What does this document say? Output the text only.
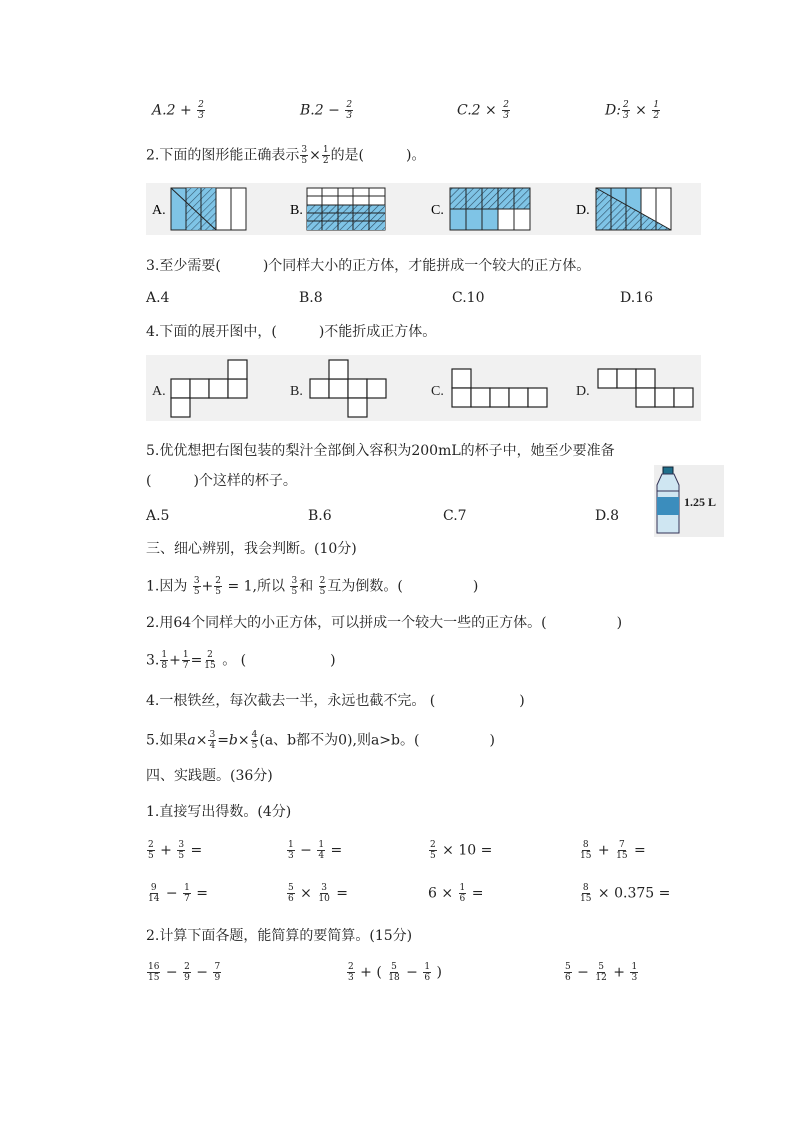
$A.2 + \frac{2}{3}$	$B.2 - \frac{2}{3}$	$C.2 \times \frac{2}{3}$	D: $\frac{2}{3} \times \frac{1}{2}$
2.下面的图形能正确表示 $\frac{3}{5} \times \frac{1}{2}$ 的是(　　　)。
A.	B.	C.	D.
3.至少需要(　　　)个同样大小的正方体，才能拼成一个较大的正方体。
A.4	B.8	C.10	D.16
4.下面的展开图中，(　　　)不能折成正方体。
A.	B.	C.	D.
5.优优想把右图包装的梨汁全部倒入容积为200mL的杯子中，她至少要准备
(　　　)个这样的杯子。
A.5	B.6	C.7	D.8
1.25 L
三、细心辨别，我会判断。(10分)
1.因为 $\frac{3}{5} + \frac{2}{5} = 1$,所以 $\frac{3}{5}$ 和 $\frac{2}{5}$ 互为倒数。(　　　　　)
2.用64个同样大的小正方体，可以拼成一个较大一些的正方体。(　　　　　)
3. $\frac{1}{8} + \frac{1}{7} = \frac{2}{15}$ 。 (　　　　　　)
4.一根铁丝，每次截去一半，永远也截不完。 (　　　　　　)
5.如果$a\times \frac{3}{4} =b\times \frac{4}{5} (a$、b都不为0),则a>b。(　　　　　)
四、实践题。(36分)
1.直接写出得数。(4分)
$\frac{2}{5} + \frac{3}{5}$ =	$\frac{1}{3} - \frac{1}{4}$ =	$\frac{2}{5} \times 10$ =	$\frac{8}{15} + \frac{7}{15}$ =
$\frac{9}{14} - \frac{1}{7}$ =	$\frac{5}{6} \times \frac{3}{10}$ =	$6 \times \frac{1}{6}$ =	$\frac{8}{15} \times 0.375$ =
2.计算下面各题，能简算的要简算。(15分)
$\frac{16}{15} - \frac{2}{9} - \frac{7}{9}$	$\frac{2}{3}$ + ( $\frac{5}{18} - \frac{1}{6}$ )	$\frac{5}{6} - \frac{5}{12} + \frac{1}{3}$
